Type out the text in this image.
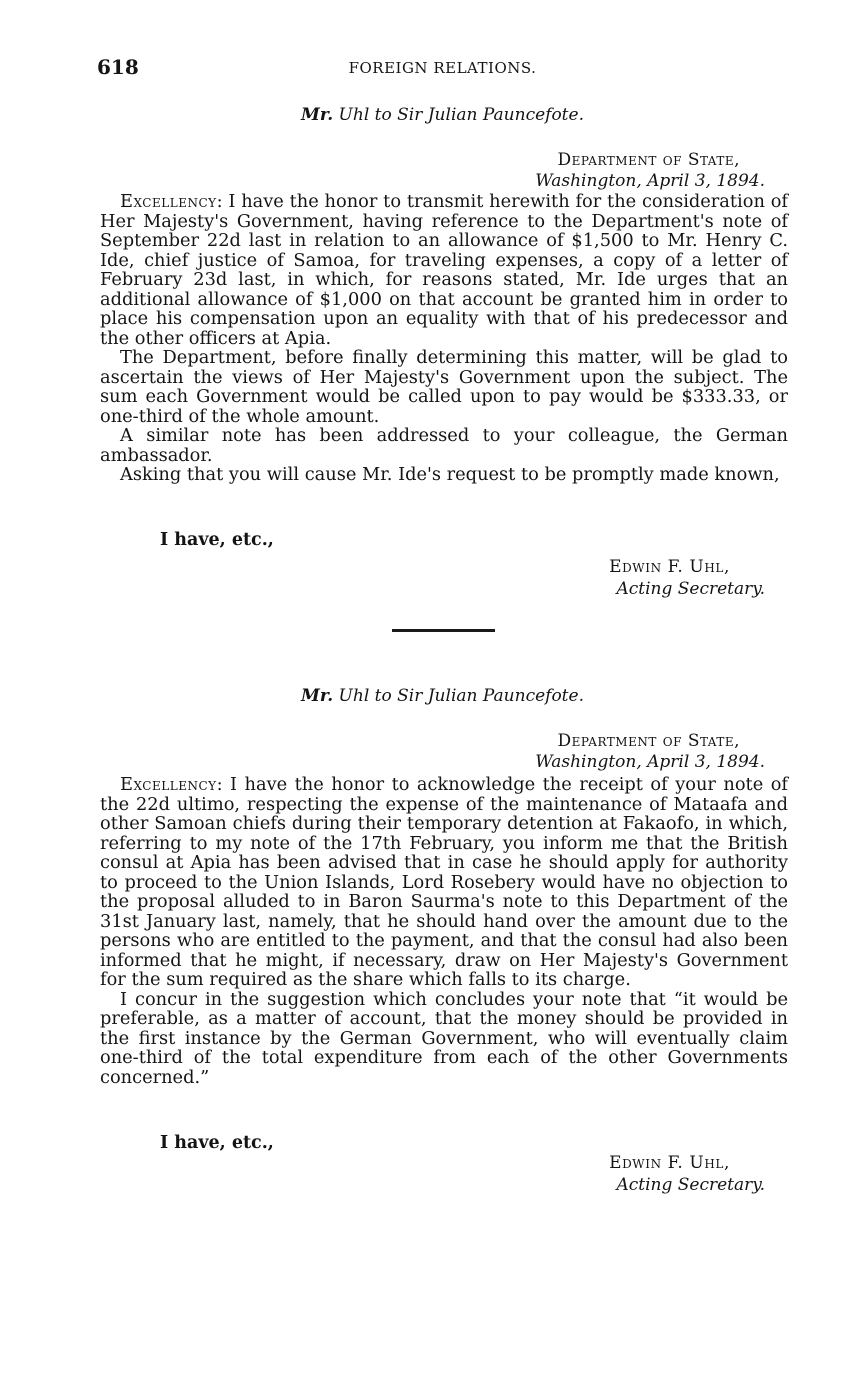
618	FOREIGN RELATIONS.
Mr. Uhl to Sir Julian Pauncefote.
Department of State,
Washington, April 3, 1894.

Excellency: I have the honor to transmit herewith for the consideration of Her Majesty's Government, having reference to the Department's note of September 22d last in relation to an allowance of $1,500 to Mr. Henry C. Ide, chief justice of Samoa, for traveling expenses, a copy of a letter of February 23d last, in which, for reasons stated, Mr. Ide urges that an additional allowance of $1,000 on that account be granted him in order to place his compensation upon an equality with that of his predecessor and the other officers at Apia.

The Department, before finally determining this matter, will be glad to ascertain the views of Her Majesty's Government upon the subject. The sum each Government would be called upon to pay would be $333.33, or one-third of the whole amount.

A similar note has been addressed to your colleague, the German ambassador.

Asking that you will cause Mr. Ide's request to be promptly made known,

I have, etc.,
Edwin F. Uhl,
Acting Secretary.
Mr. Uhl to Sir Julian Pauncefote.
Department of State,
Washington, April 3, 1894.

Excellency: I have the honor to acknowledge the receipt of your note of the 22d ultimo, respecting the expense of the maintenance of Mataafa and other Samoan chiefs during their temporary detention at Fakaofo, in which, referring to my note of the 17th February, you inform me that the British consul at Apia has been advised that in case he should apply for authority to proceed to the Union Islands, Lord Rosebery would have no objection to the proposal alluded to in Baron Saurma's note to this Department of the 31st January last, namely, that he should hand over the amount due to the persons who are entitled to the payment, and that the consul had also been informed that he might, if necessary, draw on Her Majesty's Government for the sum required as the share which falls to its charge.

I concur in the suggestion which concludes your note that “it would be preferable, as a matter of account, that the money should be provided in the first instance by the German Government, who will eventually claim one-third of the total expenditure from each of the other Governments concerned.”

I have, etc.,
Edwin F. Uhl,
Acting Secretary.
